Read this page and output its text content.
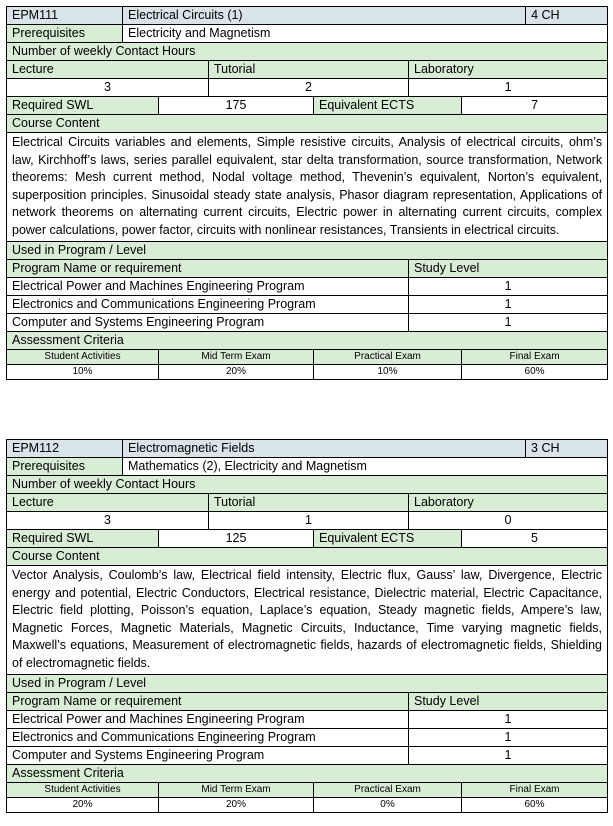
EPM111	Electrical Circuits (1)						4 CH
Prerequisites	Electricity and Magnetism						
Number of weekly Contact Hours							
Lecture			Tutorial		Laboratory		
3			2		1		
Required SWL		175		Equivalent ECTS		7	
Course Content							
Electrical Circuits variables and elements, Simple resistive circuits, Analysis of electrical circuits, ohm’s law, Kirchhoff’s laws, series parallel equivalent, star delta transformation, source transformation, Network theorems: Mesh current method, Nodal voltage method, Thevenin’s equivalent, Norton’s equivalent, superposition principles. Sinusoidal steady state analysis, Phasor diagram representation, Applications of network theorems on alternating current circuits, Electric power in alternating current circuits, complex power calculations, power factor, circuits with nonlinear resistances, Transients in electrical circuits.							
Used in Program / Level							
Program Name or requirement					Study Level		
Electrical Power and Machines Engineering Program					1		
Electronics and Communications Engineering Program					1		
Computer and Systems Engineering Program					1		
Assessment Criteria							
Student Activities		Mid Term Exam		Practical Exam		Final Exam	
10%		20%		10%		60%	
EPM112	Electromagnetic Fields						3 CH
Prerequisites	Mathematics (2), Electricity and Magnetism						
Number of weekly Contact Hours							
Lecture			Tutorial		Laboratory		
3			1		0		
Required SWL		125		Equivalent ECTS		5	
Course Content							
Vector Analysis, Coulomb’s law, Electrical field intensity, Electric flux, Gauss’ law, Divergence, Electric energy and potential, Electric Conductors, Electrical resistance, Dielectric material, Electric Capacitance, Electric field plotting, Poisson’s equation, Laplace’s equation, Steady magnetic fields, Ampere’s law, Magnetic Forces, Magnetic Materials, Magnetic Circuits, Inductance, Time varying magnetic fields, Maxwell’s equations, Measurement of electromagnetic fields, hazards of electromagnetic fields, Shielding of electromagnetic fields.							
Used in Program / Level							
Program Name or requirement					Study Level		
Electrical Power and Machines Engineering Program					1		
Electronics and Communications Engineering Program					1		
Computer and Systems Engineering Program					1		
Assessment Criteria							
Student Activities		Mid Term Exam		Practical Exam		Final Exam	
20%		20%		0%		60%	
